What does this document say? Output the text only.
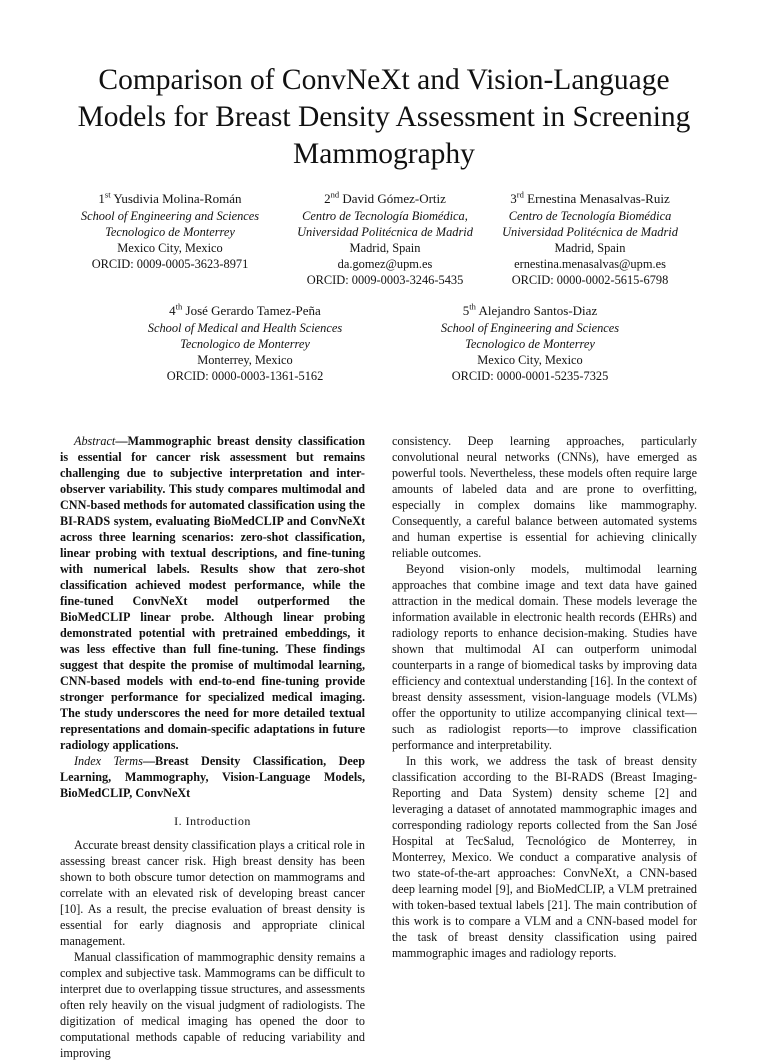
Comparison of ConvNeXt and Vision-Language
Models for Breast Density Assessment in Screening
Mammography
1st Yusdivia Molina-Román
School of Engineering and Sciences
Tecnologico de Monterrey
Mexico City, Mexico
ORCID: 0009-0005-3623-8971
2nd David Gómez-Ortiz
Centro de Tecnología Biomédica,
Universidad Politécnica de Madrid
Madrid, Spain
da.gomez@upm.es
ORCID: 0009-0003-3246-5435
3rd Ernestina Menasalvas-Ruiz
Centro de Tecnología Biomédica
Universidad Politécnica de Madrid
Madrid, Spain
ernestina.menasalvas@upm.es
ORCID: 0000-0002-5615-6798
4th José Gerardo Tamez-Peña
School of Medical and Health Sciences
Tecnologico de Monterrey
Monterrey, Mexico
ORCID: 0000-0003-1361-5162
5th Alejandro Santos-Diaz
School of Engineering and Sciences
Tecnologico de Monterrey
Mexico City, Mexico
ORCID: 0000-0001-5235-7325

Abstract—Mammographic breast density classification is essential for cancer risk assessment but remains challenging due to subjective interpretation and inter-observer variability. This study compares multimodal and CNN-based methods for automated classification using the BI-RADS system, evaluating BioMedCLIP and ConvNeXt across three learning scenarios: zero-shot classification, linear probing with textual descriptions, and fine-tuning with numerical labels. Results show that zero-shot classification achieved modest performance, while the fine-tuned ConvNeXt model outperformed the BioMedCLIP linear probe. Although linear probing demonstrated potential with pretrained embeddings, it was less effective than full fine-tuning. These findings suggest that despite the promise of multimodal learning, CNN-based models with end-to-end fine-tuning provide stronger performance for specialized medical imaging. The study underscores the need for more detailed textual representations and domain-specific adaptations in future radiology applications.

Index Terms—Breast Density Classification, Deep Learning, Mammography, Vision-Language Models, BioMedCLIP, ConvNeXt

I. Introduction

Accurate breast density classification plays a critical role in assessing breast cancer risk. High breast density has been shown to both obscure tumor detection on mammograms and correlate with an elevated risk of developing breast cancer [10]. As a result, the precise evaluation of breast density is essential for early diagnosis and appropriate clinical management.

Manual classification of mammographic density remains a complex and subjective task. Mammograms can be difficult to interpret due to overlapping tissue structures, and assessments often rely heavily on the visual judgment of radiologists. The digitization of medical imaging has opened the door to computational methods capable of reducing variability and improving

consistency. Deep learning approaches, particularly convolutional neural networks (CNNs), have emerged as powerful tools. Nevertheless, these models often require large amounts of labeled data and are prone to overfitting, especially in complex domains like mammography. Consequently, a careful balance between automated systems and human expertise is essential for achieving clinically reliable outcomes.

Beyond vision-only models, multimodal learning approaches that combine image and text data have gained attraction in the medical domain. These models leverage the information available in electronic health records (EHRs) and radiology reports to enhance decision-making. Studies have shown that multimodal AI can outperform unimodal counterparts in a range of biomedical tasks by improving data efficiency and contextual understanding [16]. In the context of breast density assessment, vision-language models (VLMs) offer the opportunity to utilize accompanying clinical text—such as radiologist reports—to improve classification performance and interpretability.

In this work, we address the task of breast density classification according to the BI-RADS (Breast Imaging-Reporting and Data System) density scheme [2] and leveraging a dataset of annotated mammographic images and corresponding radiology reports collected from the San José Hospital at TecSalud, Tecnológico de Monterrey, in Monterrey, Mexico. We conduct a comparative analysis of two state-of-the-art approaches: ConvNeXt, a CNN-based deep learning model [9], and BioMedCLIP, a VLM pretrained with token-based textual labels [21]. The main contribution of this work is to compare a VLM and a CNN-based model for the task of breast density classification using paired mammographic images and radiology reports.
